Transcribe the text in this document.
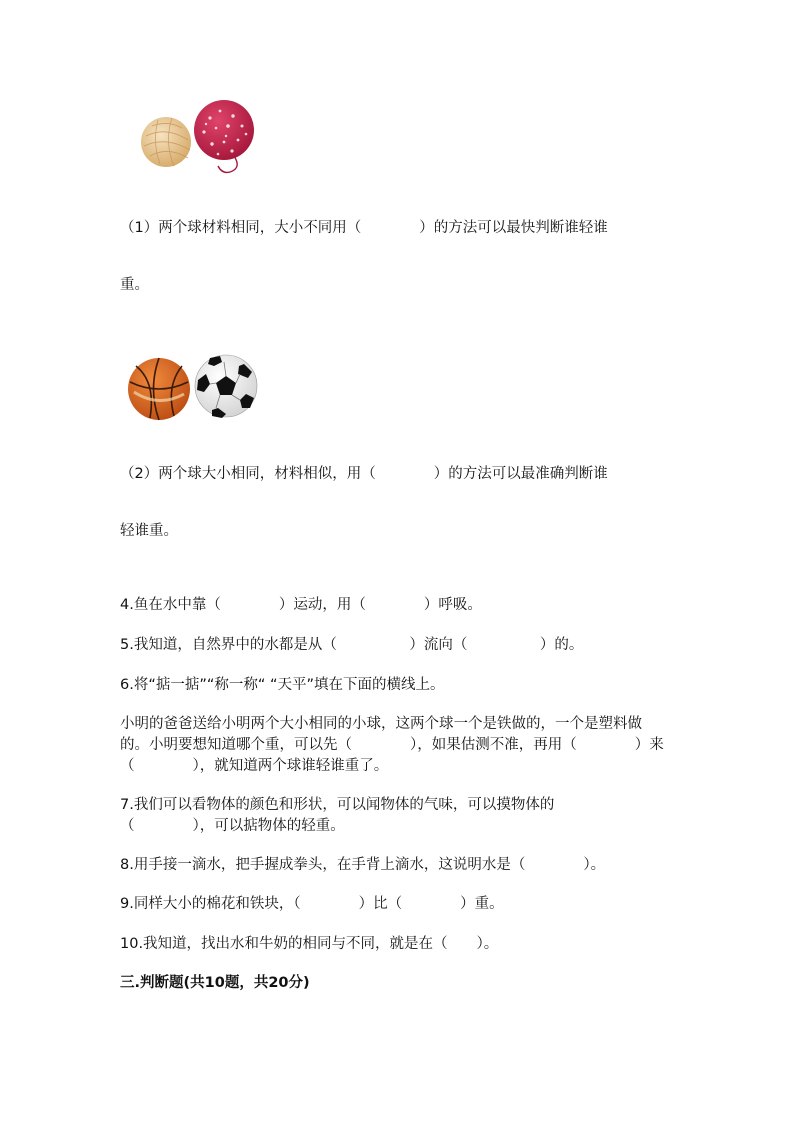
（1）两个球材料相同，大小不同用（　　　　）的方法可以最快判断谁轻谁
重。
（2）两个球大小相同，材料相似，用（　　　　）的方法可以最准确判断谁
轻谁重。
4.鱼在水中靠（　　　　）运动，用（　　　　）呼吸。
5.我知道，自然界中的水都是从（　　　　　）流向（　　　　　）的。
6.将“掂一掂”“称一称“ “天平”填在下面的横线上。
小明的爸爸送给小明两个大小相同的小球，这两个球一个是铁做的，一个是塑料做的。小明要想知道哪个重，可以先（　　　　），如果估测不准，再用（　　　　）来（　　　　），就知道两个球谁轻谁重了。
7.我们可以看物体的颜色和形状，可以闻物体的气味，可以摸物体的
（　　　　），可以掂物体的轻重。
8.用手接一滴水，把手握成拳头，在手背上滴水，这说明水是（　　　　）。
9.同样大小的棉花和铁块，（　　　　）比（　　　　）重。
10.我知道，找出水和牛奶的相同与不同，就是在（　　）。
三.判断题(共10题，共20分)
